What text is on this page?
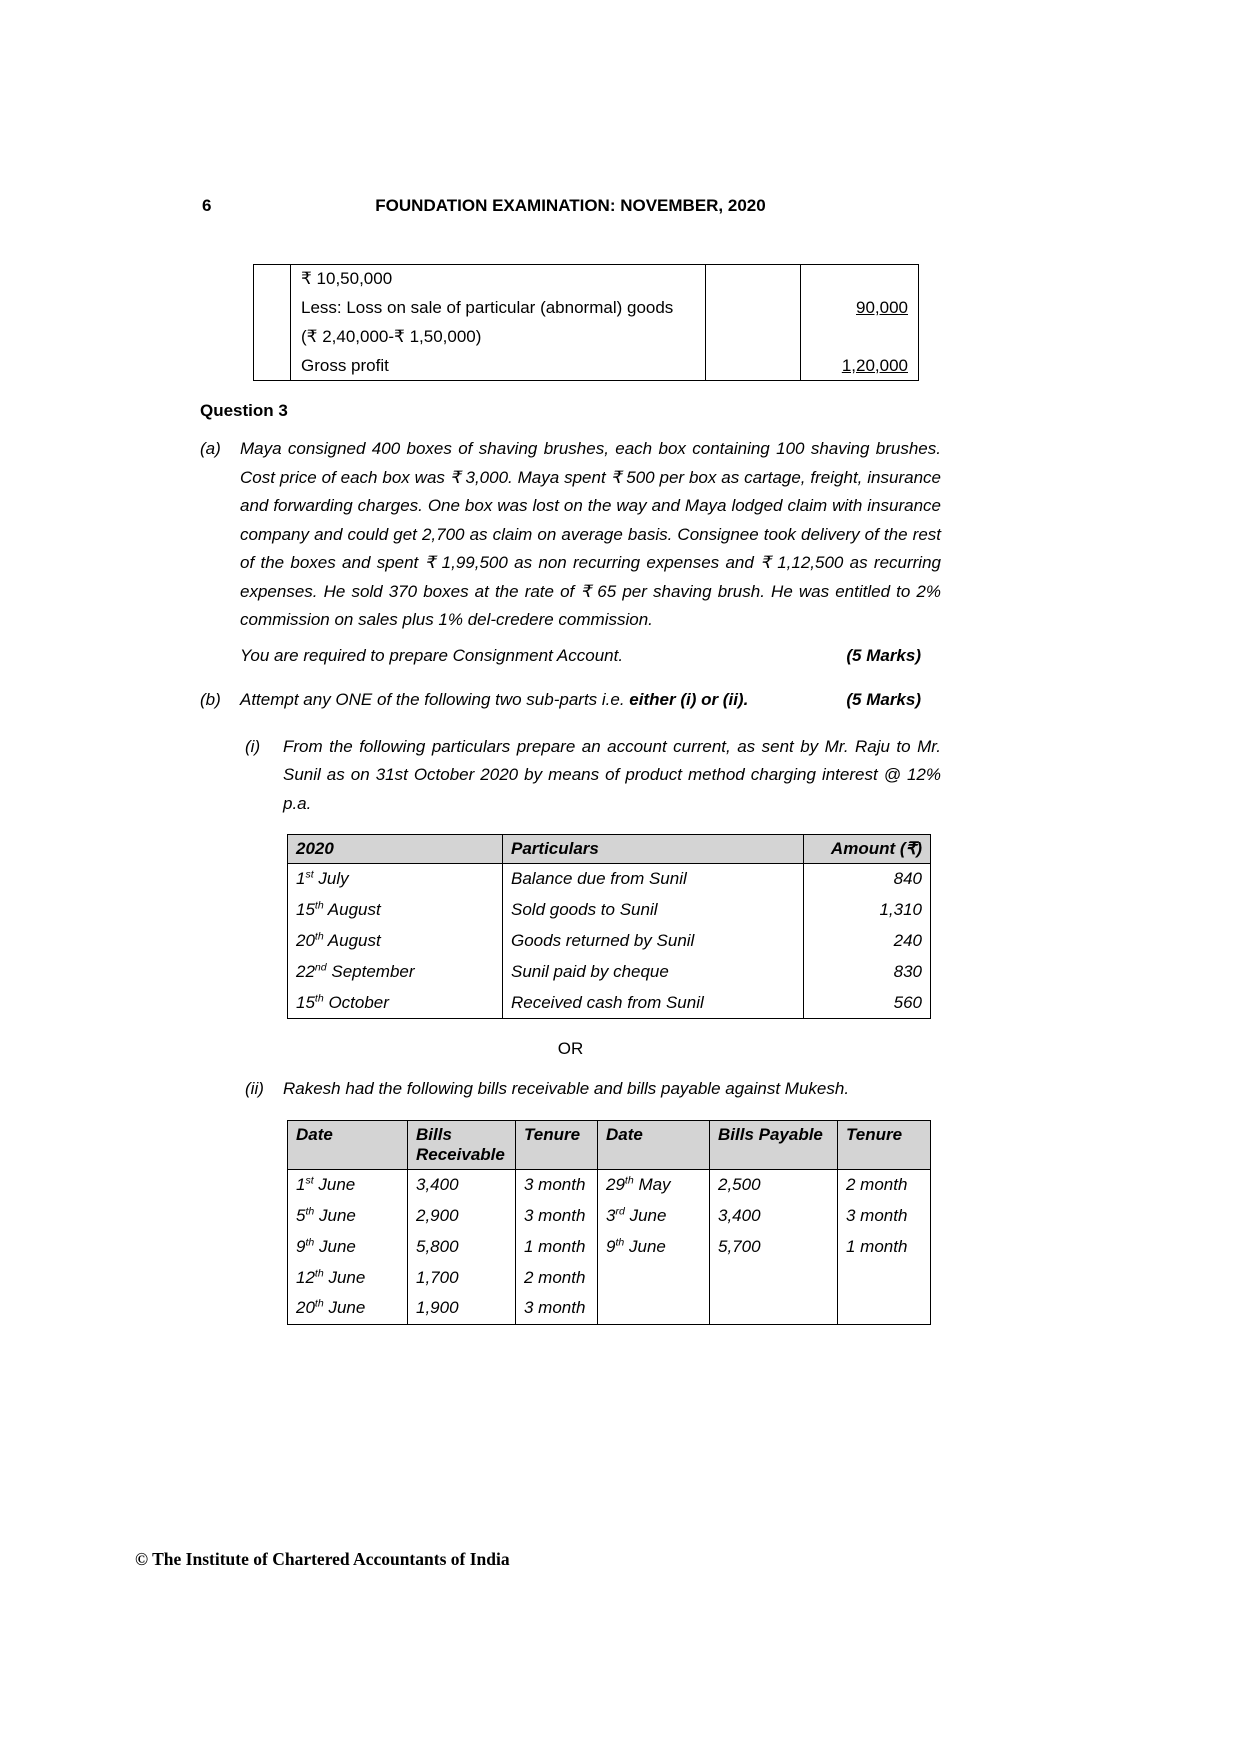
6	FOUNDATION EXAMINATION: NOVEMBER, 2020
	₹ 10,50,000		
	Less: Loss on sale of particular (abnormal) goods		90,000
	(₹ 2,40,000-₹ 1,50,000)		
	Gross profit		1,20,000
Question 3
(a)	Maya consigned 400 boxes of shaving brushes, each box containing 100 shaving brushes. Cost price of each box was ₹ 3,000. Maya spent ₹ 500 per box as cartage, freight, insurance and forwarding charges. One box was lost on the way and Maya lodged claim with insurance company and could get 2,700 as claim on average basis. Consignee took delivery of the rest of the boxes and spent ₹ 1,99,500 as non recurring expenses and ₹ 1,12,500 as recurring expenses. He sold 370 boxes at the rate of ₹ 65 per shaving brush. He was entitled to 2% commission on sales plus 1% del-credere commission.
You are required to prepare Consignment Account.	(5 Marks)
(b)	Attempt any ONE of the following two sub-parts i.e. either (i) or (ii).	(5 Marks)
(i)	From the following particulars prepare an account current, as sent by Mr. Raju to Mr. Sunil as on 31st October 2020 by means of product method charging interest @ 12% p.a.
2020	Particulars	Amount (₹)
1st July	Balance due from Sunil	840
15th August	Sold goods to Sunil	1,310
20th August	Goods returned by Sunil	240
22nd September	Sunil paid by cheque	830
15th October	Received cash from Sunil	560
OR
(ii)	Rakesh had the following bills receivable and bills payable against Mukesh.
Date	Bills Receivable	Tenure	Date	Bills Payable	Tenure
1st June	3,400	3 month	29th May	2,500	2 month
5th June	2,900	3 month	3rd June	3,400	3 month
9th June	5,800	1 month	9th June	5,700	1 month
12th June	1,700	2 month			
20th June	1,900	3 month			
© The Institute of Chartered Accountants of India
